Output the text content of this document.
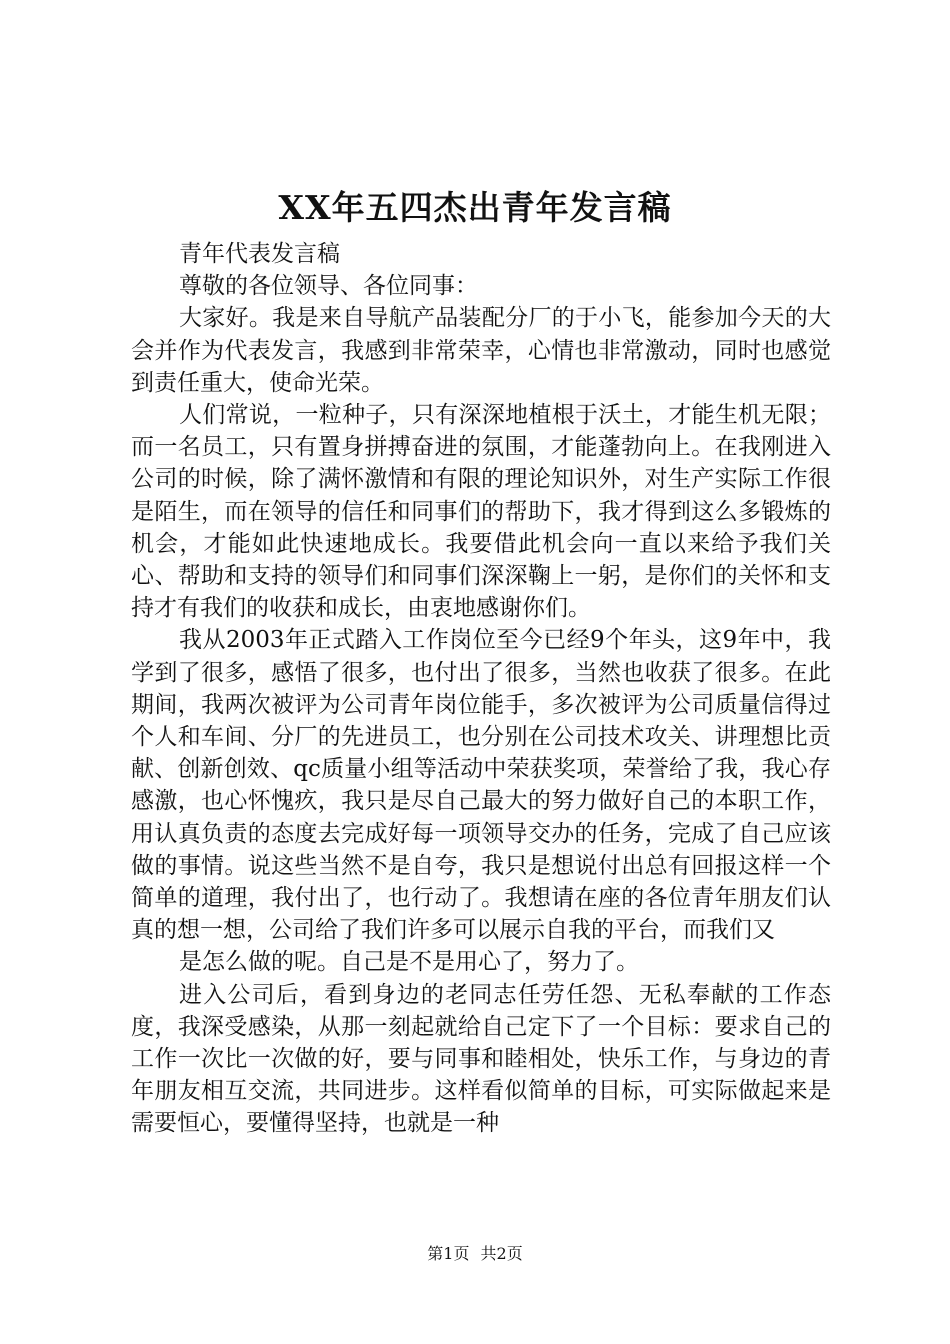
XX年五四杰出青年发言稿

青年代表发言稿

尊敬的各位领导、各位同事：

大家好。我是来自导航产品装配分厂的于小飞，能参加今天的大会并作为代表发言，我感到非常荣幸，心情也非常激动，同时也感觉到责任重大，使命光荣。

人们常说，一粒种子，只有深深地植根于沃土，才能生机无限；而一名员工，只有置身拼搏奋进的氛围，才能蓬勃向上。在我刚进入公司的时候，除了满怀激情和有限的理论知识外，对生产实际工作很是陌生，而在领导的信任和同事们的帮助下，我才得到这么多锻炼的机会，才能如此快速地成长。我要借此机会向一直以来给予我们关心、帮助和支持的领导们和同事们深深鞠上一躬，是你们的关怀和支持才有我们的收获和成长，由衷地感谢你们。

我从2003年正式踏入工作岗位至今已经9个年头，这9年中，我学到了很多，感悟了很多，也付出了很多，当然也收获了很多。在此期间，我两次被评为公司青年岗位能手，多次被评为公司质量信得过个人和车间、分厂的先进员工，也分别在公司技术攻关、讲理想比贡献、创新创效、qc质量小组等活动中荣获奖项，荣誉给了我，我心存感激，也心怀愧疚，我只是尽自己最大的努力做好自己的本职工作，用认真负责的态度去完成好每一项领导交办的任务，完成了自己应该做的事情。说这些当然不是自夸，我只是想说付出总有回报这样一个简单的道理，我付出了，也行动了。我想请在座的各位青年朋友们认真的想一想，公司给了我们许多可以展示自我的平台，而我们又

是怎么做的呢。自己是不是用心了，努力了。

进入公司后，看到身边的老同志任劳任怨、无私奉献的工作态度，我深受感染，从那一刻起就给自己定下了一个目标：要求自己的工作一次比一次做的好，要与同事和睦相处，快乐工作，与身边的青年朋友相互交流，共同进步。这样看似简单的目标，可实际做起来是需要恒心，要懂得坚持，也就是一种

第1页 共2页
